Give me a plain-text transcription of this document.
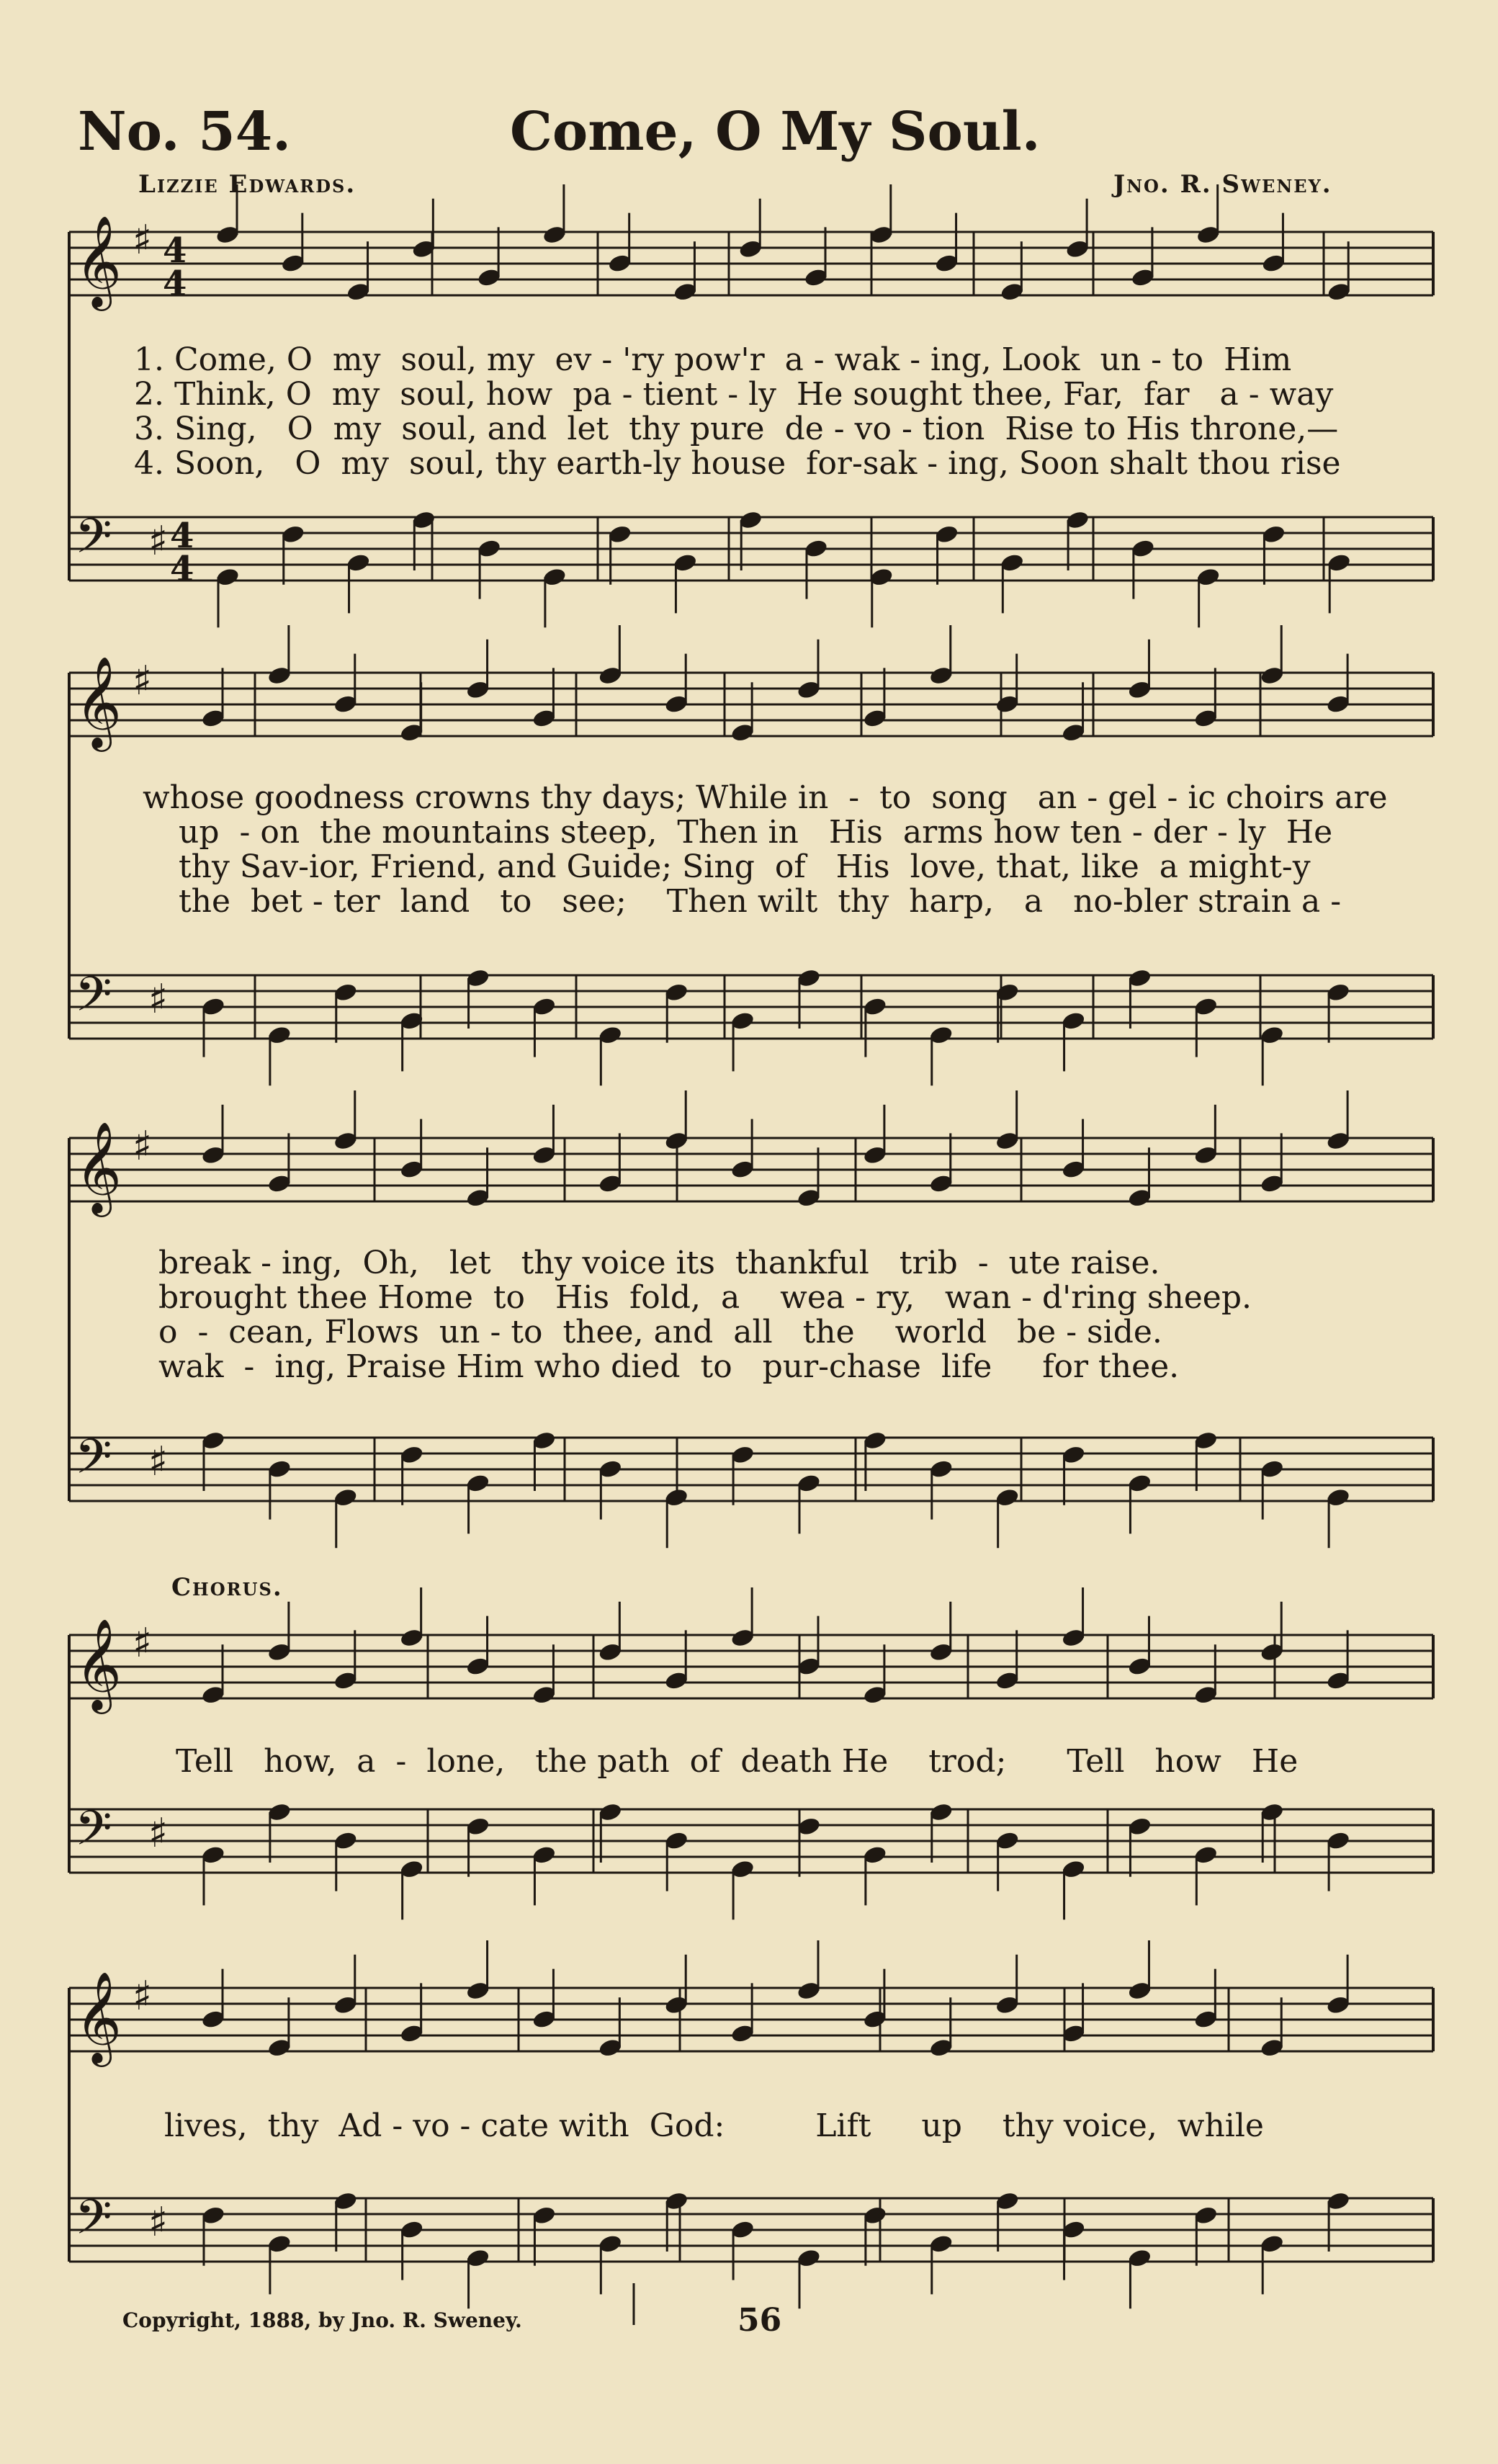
No. 54.	Come, O My Soul.
Lizzie Edwards.	Jno. R. Sweney.
1. Come, O  my  soul, my  ev - 'ry pow'r  a - wak - ing, Look  un - to  Him
2. Think, O  my  soul, how  pa - tient - ly  He sought thee, Far,  far   a - way
3. Sing,   O  my  soul, and  let  thy pure  de - vo - tion  Rise to His throne,—
4. Soon,   O  my  soul, thy earth-ly house  for-sak - ing, Soon shalt thou rise
whose goodness crowns thy days; While in  -  to  song   an - gel - ic choirs are
up  - on  the mountains steep,  Then in   His  arms how ten - der - ly  He
thy Sav-ior, Friend, and Guide; Sing  of   His  love, that, like  a might-y
the  bet - ter  land   to   see;    Then wilt  thy  harp,   a   no-bler strain a -
break - ing,  Oh,   let   thy voice its  thankful   trib  -  ute raise.
brought thee Home  to   His  fold,  a    wea - ry,   wan - d'ring sheep.
o  -  cean, Flows  un - to  thee, and  all   the    world   be - side.
wak  -  ing, Praise Him who died  to   pur-chase  life     for thee.
Chorus.
Tell   how,  a  -  lone,   the path  of  death He    trod;      Tell   how   He
lives,  thy  Ad - vo - cate with  God:         Lift     up    thy voice,  while
Copyright, 1888, by Jno. R. Sweney.	56
𝄞 ♯ 4
4
𝄢 ♯ 4
4
𝄞 ♯
𝄢 ♯
𝄞 ♯
𝄢 ♯
𝄞 ♯
𝄢 ♯
𝄞 ♯
𝄢 ♯
